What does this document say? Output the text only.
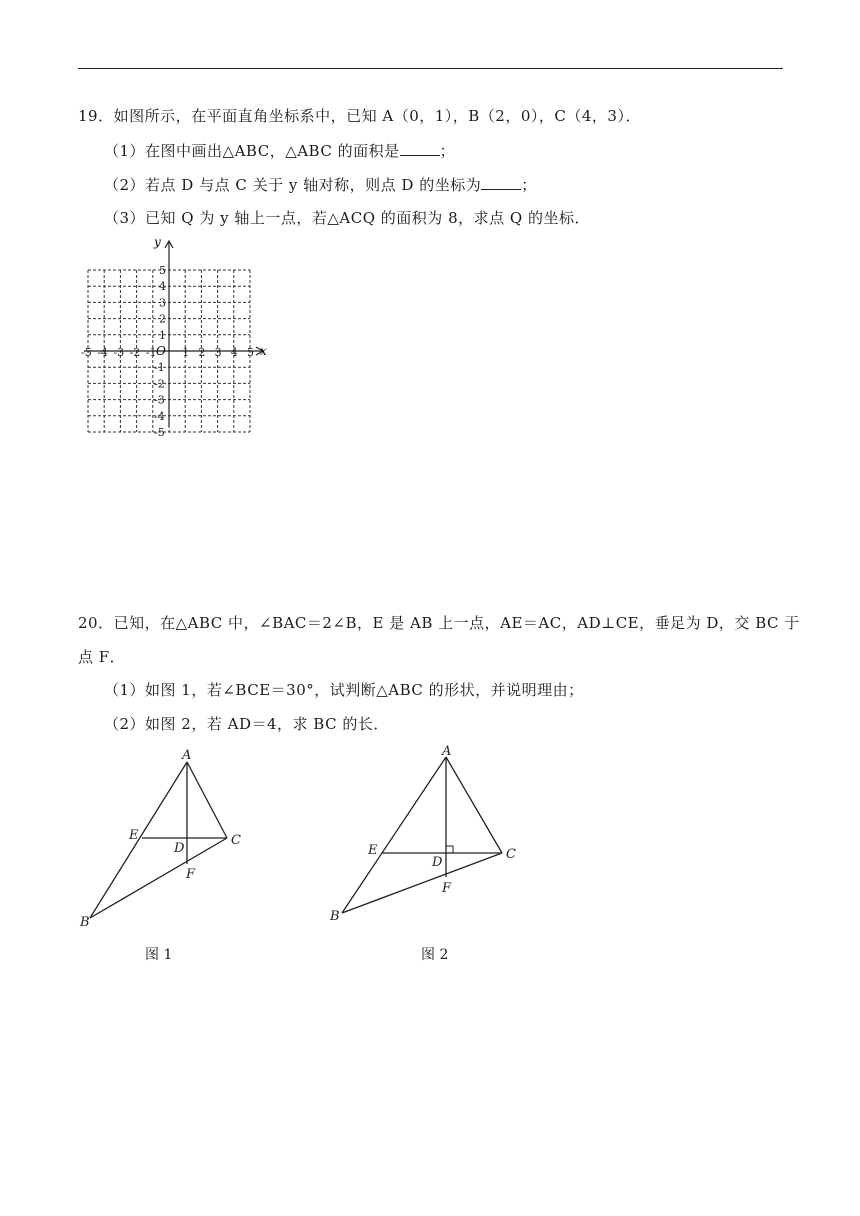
19．如图所示，在平面直角坐标系中，已知 A（0，1），B（2，0），C（4，3）．
（1）在图中画出△ABC，△ABC 的面积是	；
（2）若点 D 与点 C 关于 y 轴对称，则点 D 的坐标为	；
（3）已知 Q 为 y 轴上一点，若△ACQ 的面积为 8，求点 Q 的坐标．
-5 -4 -3 -2 -1 1 2 3 4 5
5
4
3
2
1
-1
-2
-3
-4
-5
x
y
O
20．已知，在△ABC 中，∠BAC＝2∠B，E 是 AB 上一点，AE＝AC，AD⊥CE，垂足为 D，交 BC 于
点 F．
（1）如图 1，若∠BCE＝30°，试判断△ABC 的形状，并说明理由；
（2）如图 2，若 AD＝4，求 BC 的长．
A
B
C
D
E
F
图 1
A
B
C
D
E
F
图 2
